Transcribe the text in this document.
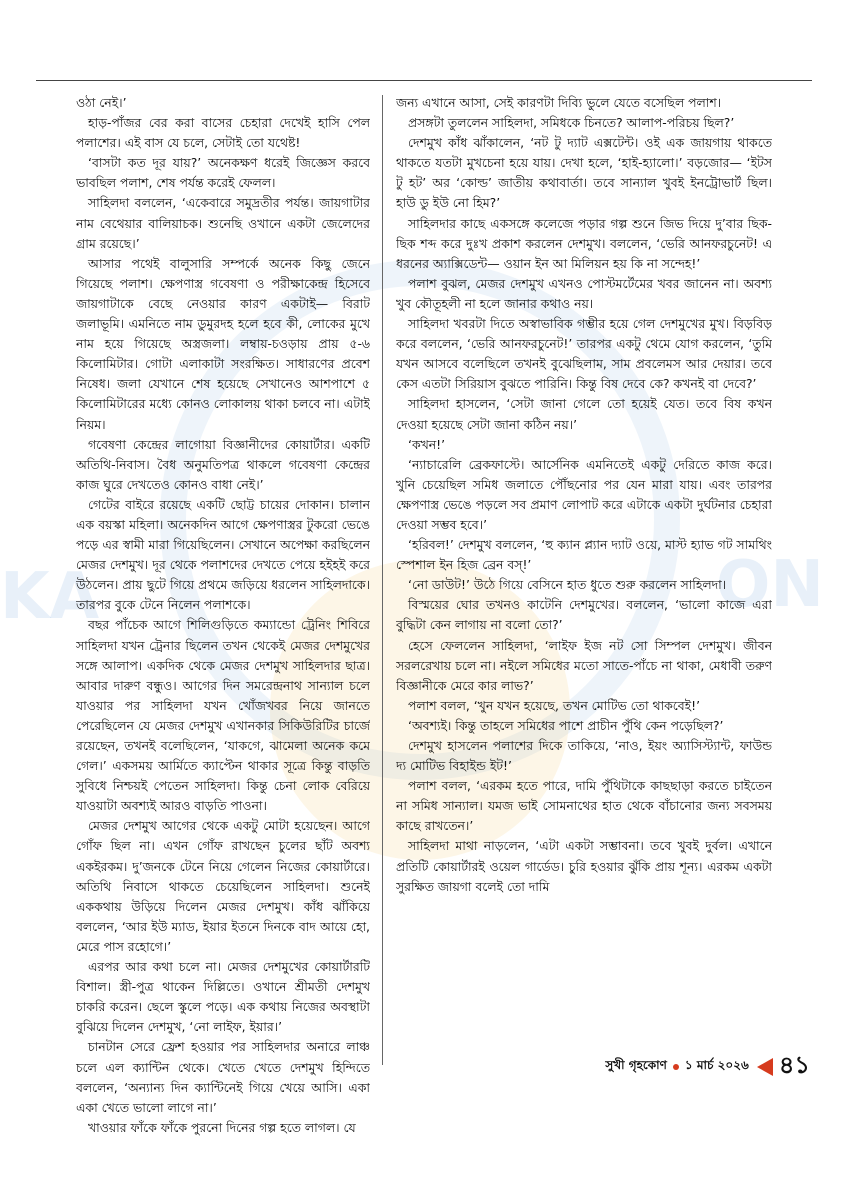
KA	ON

ওঠা নেই।’

হাড়-পাঁজর বের করা বাসের চেহারা দেখেই হাসি পেল পলাশের। এই বাস যে চলে, সেটাই তো যথেষ্ট!

‘বাসটা কত দূর যায়?’ অনেকক্ষণ ধরেই জিজ্ঞেস করবে ভাবছিল পলাশ, শেষ পর্যন্ত করেই ফেলল।

সাহিলদা বললেন, ‘একেবারে সমুদ্রতীর পর্যন্ত। জায়গাটার নাম বেথেয়ার বালিয়াচক। শুনেছি ওখানে একটা জেলেদের গ্রাম রয়েছে।’

আসার পথেই বালুসারি সম্পর্কে অনেক কিছু জেনে গিয়েছে পলাশ। ক্ষেপণাস্ত্র গবেষণা ও পরীক্ষাকেন্দ্র হিসেবে জায়গাটাকে বেছে নেওয়ার কারণ একটাই— বিরাট জলাভূমি। এমনিতে নাম ডুমুরদহ হলে হবে কী, লোকের মুখে নাম হয়ে গিয়েছে অস্ত্রজলা। লম্বায়-চওড়ায় প্রায় ৫-৬ কিলোমিটার। গোটা এলাকাটা সংরক্ষিত। সাধারণের প্রবেশ নিষেধ। জলা যেখানে শেষ হয়েছে সেখানেও আশপাশে ৫ কিলোমিটারের মধ্যে কোনও লোকালয় থাকা চলবে না। এটাই নিয়ম।

গবেষণা কেন্দ্রের লাগোয়া বিজ্ঞানীদের কোয়ার্টার। একটি অতিথি-নিবাস। বৈধ অনুমতিপত্র থাকলে গবেষণা কেন্দ্রের কাজ ঘুরে দেখতেও কোনও বাধা নেই।’

গেটের বাইরে রয়েছে একটি ছোট্ট চায়ের দোকান। চালান এক বয়স্কা মহিলা। অনেকদিন আগে ক্ষেপণাস্ত্রর টুকরো ভেঙে পড়ে এর স্বামী মারা গিয়েছিলেন। সেখানে অপেক্ষা করছিলেন মেজর দেশমুখ। দূর থেকে পলাশদের দেখতে পেয়ে হইহই করে উঠলেন। প্রায় ছুটে গিয়ে প্রথমে জড়িয়ে ধরলেন সাহিলদাকে। তারপর বুকে টেনে নিলেন পলাশকে।

বছর পাঁচেক আগে শিলিগুড়িতে কম্যান্ডো ট্রেনিং শিবিরে সাহিলদা যখন ট্রেনার ছিলেন তখন থেকেই মেজর দেশমুখের সঙ্গে আলাপ। একদিক থেকে মেজর দেশমুখ সাহিলদার ছাত্র। আবার দারুণ বন্ধুও। আগের দিন সমরেন্দ্রনাথ সান্যাল চলে যাওয়ার পর সাহিলদা যখন খোঁজখবর নিয়ে জানতে পেরেছিলেন যে মেজর দেশমুখ এখানকার সিকিউরিটির চার্জে রয়েছেন, তখনই বলেছিলেন, ‘যাকগে, ঝামেলা অনেক কমে গেল।’ একসময় আর্মিতে ক্যাপ্টেন থাকার সূত্রে কিন্তু বাড়তি সুবিধে নিশ্চয়ই পেতেন সাহিলদা। কিন্তু চেনা লোক বেরিয়ে যাওয়াটা অবশ্যই আরও বাড়তি পাওনা।

মেজর দেশমুখ আগের থেকে একটু মোটা হয়েছেন। আগে গোঁফ ছিল না। এখন গোঁফ রাখছেন চুলের ছাঁট অবশ্য একইরকম। দু’জনকে টেনে নিয়ে গেলেন নিজের কোয়ার্টারে। অতিথি নিবাসে থাকতে চেয়েছিলেন সাহিলদা। শুনেই এককথায় উড়িয়ে দিলেন মেজর দেশমুখ। কাঁধ ঝাঁকিয়ে বললেন, ‘আর ইউ ম্যাড, ইয়ার ইতনে দিনকে বাদ আয়ে হো, মেরে পাস রহোগে।’

এরপর আর কথা চলে না। মেজর দেশমুখের কোয়ার্টারটি বিশাল। স্ত্রী-পুত্র থাকেন দিল্লিতে। ওখানে শ্রীমতী দেশমুখ চাকরি করেন। ছেলে স্কুলে পড়ে। এক কথায় নিজের অবস্থাটা বুঝিয়ে দিলেন দেশমুখ, ‘নো লাইফ, ইয়ার।’

চানটান সেরে ফ্রেশ হওয়ার পর সাহিলদার অনারে লাঞ্চ চলে এল ক্যান্টিন থেকে। খেতে খেতে দেশমুখ হিন্দিতে বললেন, ‘অন্যান্য দিন ক্যান্টিনেই গিয়ে খেয়ে আসি। একা একা খেতে ভালো লাগে না।’

খাওয়ার ফাঁকে ফাঁকে পুরনো দিনের গল্প হতে লাগল। যে

জন্য এখানে আসা, সেই কারণটা দিব্যি ভুলে যেতে বসেছিল পলাশ।

প্রসঙ্গটা তুললেন সাহিলদা, সমিধকে চিনতে? আলাপ-পরিচয় ছিল?’

দেশমুখ কাঁধ ঝাঁকালেন, ‘নট টু দ্যাট এক্সটেন্ট। ওই এক জায়গায় থাকতে থাকতে যতটা মুখচেনা হয়ে যায়। দেখা হলে, ‘হাই-হ্যালো।’ বড়জোর— ‘ইটস টু হট’ অর ‘কোল্ড’ জাতীয় কথাবার্তা। তবে সান্যাল খুবই ইনট্রোভার্ট ছিল। হাউ ডু ইউ নো হিম?’

সাহিলদার কাছে একসঙ্গে কলেজে পড়ার গল্প শুনে জিভ দিয়ে দু’বার ছিক-ছিক শব্দ করে দুঃখ প্রকাশ করলেন দেশমুখ। বললেন, ‘ভেরি আনফরচুনেট! এ ধরনের অ্যাক্সিডেন্ট— ওয়ান ইন আ মিলিয়ন হয় কি না সন্দেহ!’

পলাশ বুঝল, মেজর দেশমুখ এখনও পোস্টমর্টেমের খবর জানেন না। অবশ্য খুব কৌতূহলী না হলে জানার কথাও নয়।

সাহিলদা খবরটা দিতে অস্বাভাবিক গম্ভীর হয়ে গেল দেশমুখের মুখ। বিড়বিড় করে বললেন, ‘ভেরি আনফরচুনেট!’ তারপর একটু থেমে যোগ করলেন, ‘তুমি যখন আসবে বলেছিলে তখনই বুঝেছিলাম, সাম প্রবলেমস আর দেয়ার। তবে কেস এতটা সিরিয়াস বুঝতে পারিনি। কিন্তু বিষ দেবে কে? কখনই বা দেবে?’

সাহিলদা হাসলেন, ‘সেটা জানা গেলে তো হয়েই যেত। তবে বিষ কখন দেওয়া হয়েছে সেটা জানা কঠিন নয়।’

‘কখন!’

‘ন্যাচারেলি ব্রেকফাস্টে। আর্সেনিক এমনিতেই একটু দেরিতে কাজ করে। খুনি চেয়েছিল সমিধ জলাতে পৌঁছনোর পর যেন মারা যায়। এবং তারপর ক্ষেপণাস্ত্র ভেঙে পড়লে সব প্রমাণ লোপাট করে এটাকে একটা দুর্ঘটনার চেহারা দেওয়া সম্ভব হবে।’

‘হরিবল!’ দেশমুখ বললেন, ‘হু ক্যান প্ল্যান দ্যাট ওয়ে, মাস্ট হ্যাভ গট সামথিং স্পেশাল ইন হিজ ব্রেন বস্‌!’

‘নো ডাউট!’ উঠে গিয়ে বেসিনে হাত ধুতে শুরু করলেন সাহিলদা।

বিস্ময়ের ঘোর তখনও কাটেনি দেশমুখের। বললেন, ‘ভালো কাজে এরা বুদ্ধিটা কেন লাগায় না বলো তো?’

হেসে ফেললেন সাহিলদা, ‘লাইফ ইজ নট সো সিম্পল দেশমুখ। জীবন সরলরেখায় চলে না। নইলে সমিধের মতো সাতে-পাঁচে না থাকা, মেধাবী তরুণ বিজ্ঞানীকে মেরে কার লাভ?’

পলাশ বলল, ‘খুন যখন হয়েছে, তখন মোটিভ তো থাকবেই!’

‘অবশ্যই। কিন্তু তাহলে সমিধের পাশে প্রাচীন পুঁথি কেন পড়েছিল?’

দেশমুখ হাসলেন পলাশের দিকে তাকিয়ে, ‘নাও, ইয়ং অ্যাসিস্ট্যান্ট, ফাউন্ড দ্য মোটিভ বিহাইন্ড ইট!’

পলাশ বলল, ‘এরকম হতে পারে, দামি পুঁথিটাকে কাছছাড়া করতে চাইতেন না সমিধ সান্যাল। যমজ ভাই সোমনাথের হাত থেকে বাঁচানোর জন্য সবসময় কাছে রাখতেন।’

সাহিলদা মাথা নাড়লেন, ‘এটা একটা সম্ভাবনা। তবে খুবই দুর্বল। এখানে প্রতিটি কোয়ার্টারই ওয়েল গার্ডেড। চুরি হওয়ার ঝুঁকি প্রায় শূন্য। এরকম একটা সুরক্ষিত জায়গা বলেই তো দামি

সুখী গৃহকোণ ১ মার্চ ২০২৬ ৪১
